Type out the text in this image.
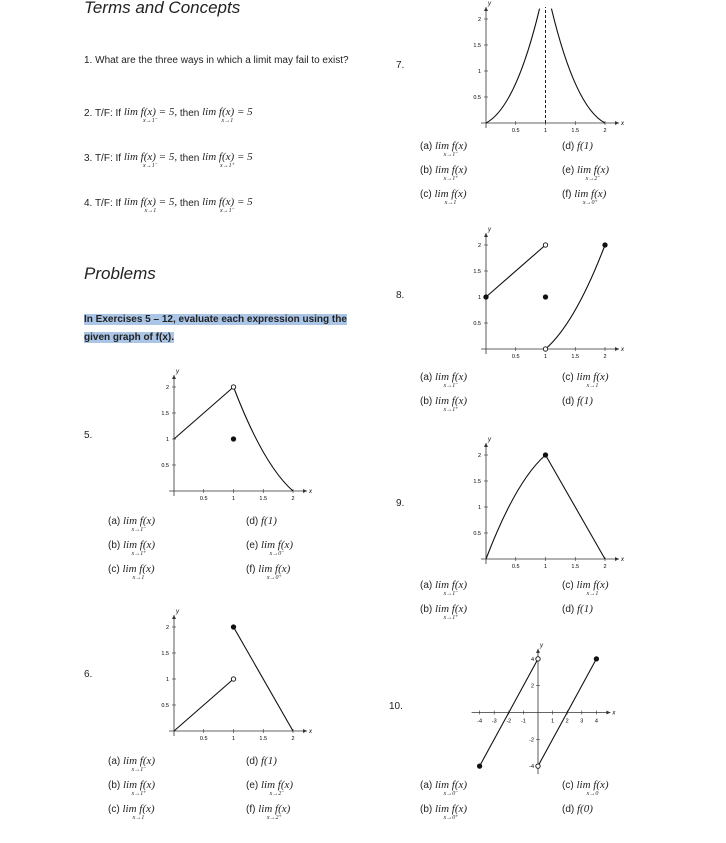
Terms and Concepts
Problems
1. What are the three ways in which a limit may fail to exist?
2. T/F: If lim f(x) = 5,
x→1⁻
then lim f(x) = 5
x→1
3. T/F: If lim f(x) = 5,
x→1⁻
then lim f(x) = 5
x→1⁺
4. T/F: If lim f(x) = 5,
x→1
then lim f(x) = 5
x→1⁻
In Exercises 5 – 12, evaluate each expression using the given graph of f(x).
5.
6.
7.
8.
9.
10.
x
y
0.5	1	1.5	2
0.5
1
1.5
2
x
y
0.5	1	1.5	2
0.5
1
1.5
2
x
y
0.5	1	1.5	2
0.5
1
1.5
2
x
y
0.5	1	1.5	2
0.5
1
1.5
2
x
y
0.5	1	1.5	2
0.5
1
1.5
2
x
y
-4 -3 -2 -1	1 2 3 4
4
2
-2
-4
(a) lim f(x)
x→1⁻
(b) lim f(x)
x→1⁺
(c) lim f(x)
x→1
(d) f(1)
(e) lim f(x)
x→0⁻
(f) lim f(x)
x→0⁺
(a) lim f(x)
x→1⁻
(b) lim f(x)
x→1⁺
(c) lim f(x)
x→1
(d) f(1)
(e) lim f(x)
x→2⁻
(f) lim f(x)
x→2⁺
(a) lim f(x)
x→1⁻
(b) lim f(x)
x→1⁺
(c) lim f(x)
x→1
(d) f(1)
(e) lim f(x)
x→2⁻
(f) lim f(x)
x→0⁺
(a) lim f(x)
x→1⁻
(b) lim f(x)
x→1⁺
(c) lim f(x)
x→1
(d) f(1)
(a) lim f(x)
x→1⁻
(b) lim f(x)
x→1⁺
(c) lim f(x)
x→1
(d) f(1)
(a) lim f(x)
x→0⁻
(b) lim f(x)
x→0⁺
(c) lim f(x)
x→0
(d) f(0)
